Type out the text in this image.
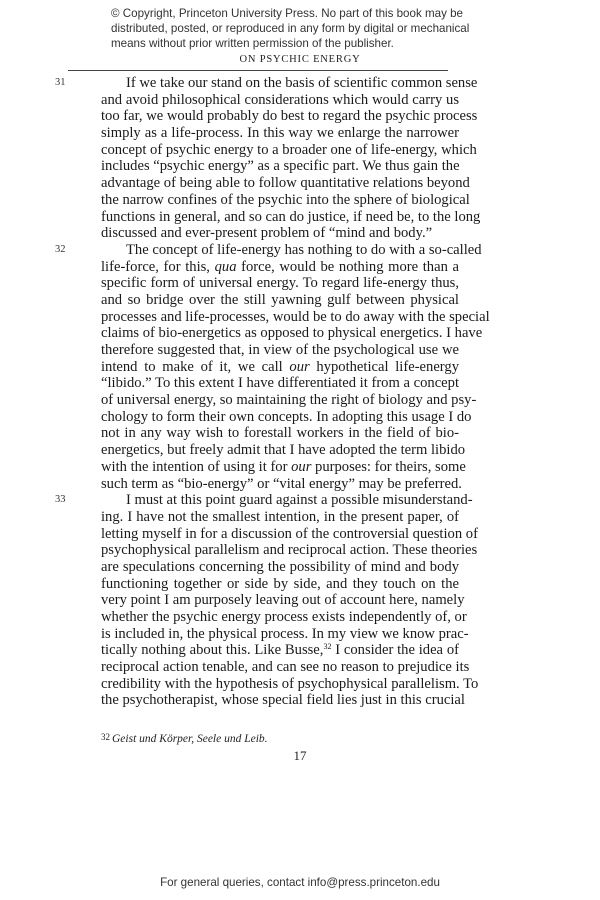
© Copyright, Princeton University Press. No part of this book may be
distributed, posted, or reproduced in any form by digital or mechanical
means without prior written permission of the publisher.
ON PSYCHIC ENERGY
31	If we take our stand on the basis of scientific common sense
and avoid philosophical considerations which would carry us
too far, we would probably do best to regard the psychic process
simply as a life-process. In this way we enlarge the narrower
concept of psychic energy to a broader one of life-energy, which
includes “psychic energy” as a specific part. We thus gain the
advantage of being able to follow quantitative relations beyond
the narrow confines of the psychic into the sphere of biological
functions in general, and so can do justice, if need be, to the long
discussed and ever-present problem of “mind and body.”
32	The concept of life-energy has nothing to do with a so-called
life-force, for this, qua force, would be nothing more than a
specific form of universal energy. To regard life-energy thus,
and so bridge over the still yawning gulf between physical
processes and life-processes, would be to do away with the special
claims of bio-energetics as opposed to physical energetics. I have
therefore suggested that, in view of the psychological use we
intend to make of it, we call our hypothetical life-energy
“libido.” To this extent I have differentiated it from a concept
of universal energy, so maintaining the right of biology and psy-
chology to form their own concepts. In adopting this usage I do
not in any way wish to forestall workers in the field of bio-
energetics, but freely admit that I have adopted the term libido
with the intention of using it for our purposes: for theirs, some
such term as “bio-energy” or “vital energy” may be preferred.
33	I must at this point guard against a possible misunderstand-
ing. I have not the smallest intention, in the present paper, of
letting myself in for a discussion of the controversial question of
psychophysical parallelism and reciprocal action. These theories
are speculations concerning the possibility of mind and body
functioning together or side by side, and they touch on the
very point I am purposely leaving out of account here, namely
whether the psychic energy process exists independently of, or
is included in, the physical process. In my view we know prac-
tically nothing about this. Like Busse,$^{32}$ I consider the idea of
reciprocal action tenable, and can see no reason to prejudice its
credibility with the hypothesis of psychophysical parallelism. To
the psychotherapist, whose special field lies just in this crucial
32 Geist und Körper, Seele und Leib.
17
For general queries, contact info@press.princeton.edu
